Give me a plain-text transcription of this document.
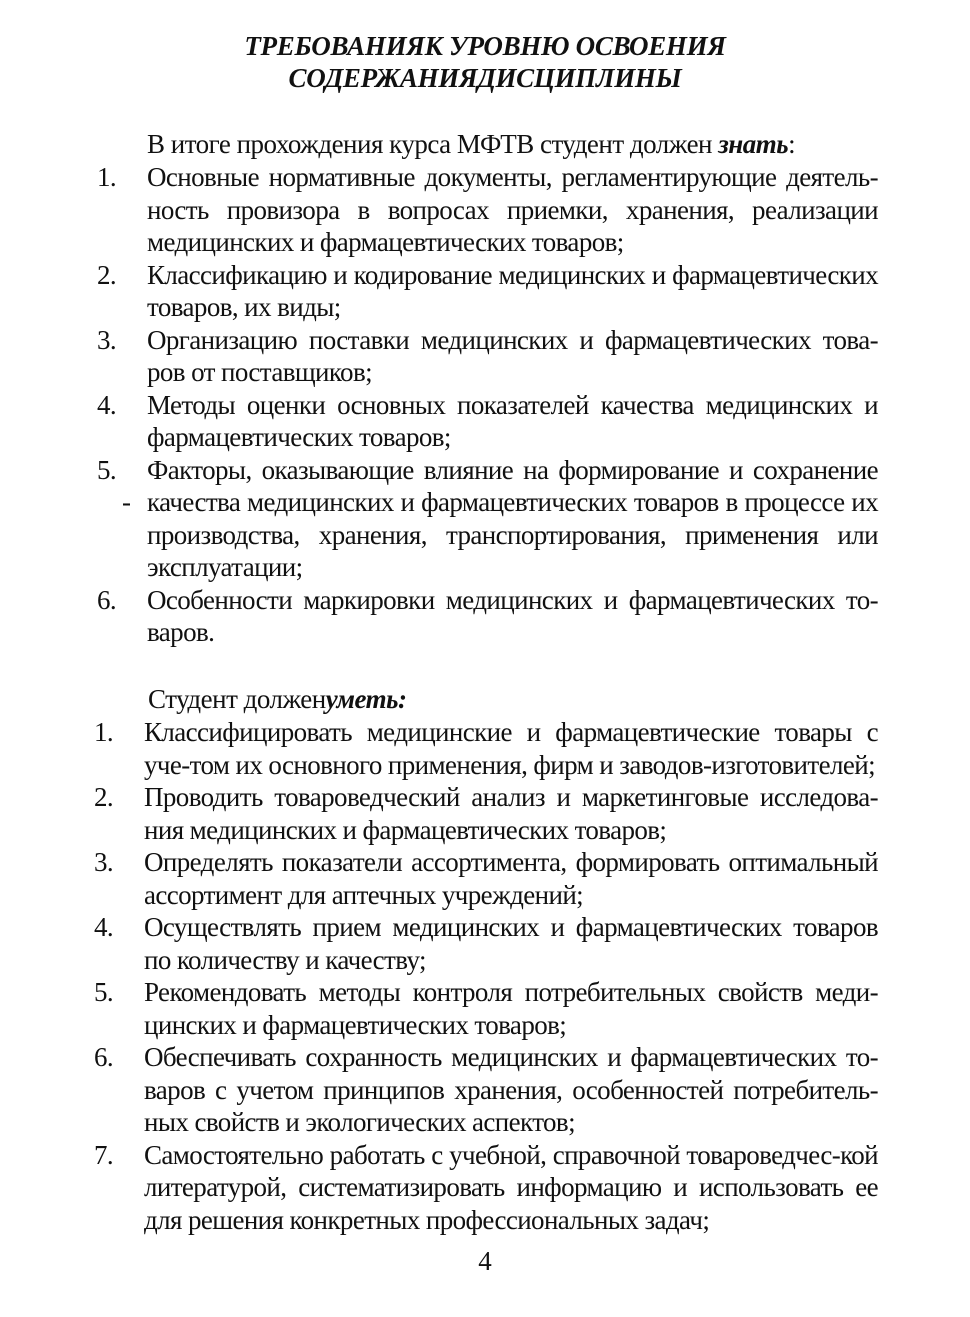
ТРЕБОВАНИЯК УРОВНЮ ОСВОЕНИЯ
СОДЕРЖАНИЯДИСЦИПЛИНЫ
В итоге прохождения курса МФТВ студент должен знать:
1.	Основные нормативные документы, регламентирующие деятель-ность провизора в вопросах приемки, хранения, реализации медицинских и фармацевтических товаров;
2.	Классификацию и кодирование медицинских и фармацевтических товаров, их виды;
3.	Организацию поставки медицинских и фармацевтических това-ров от поставщиков;
4.	Методы оценки основных показателей качества медицинских и фармацевтических товаров;
5.
-
Факторы, оказывающие влияние на формирование и сохранение качества медицинских и фармацевтических товаров в процессе их производства, хранения, транспортирования, применения или эксплуатации;
6.	Особенности маркировки медицинских и фармацевтических то-варов.
Студент долженуметь:
1.	Классифицировать медицинские и фармацевтические товары с уче-том их основного применения, фирм и заводов-изготовителей;
2.	Проводить товароведческий анализ и маркетинговые исследова-ния медицинских и фармацевтических товаров;
3.	Определять показатели ассортимента, формировать оптимальный ассортимент для аптечных учреждений;
4.	Осуществлять прием медицинских и фармацевтических товаров по количеству и качеству;
5.	Рекомендовать методы контроля потребительных свойств меди-цинских и фармацевтических товаров;
6.	Обеспечивать сохранность медицинских и фармацевтических то-варов с учетом принципов хранения, особенностей потребитель-ных свойств и экологических аспектов;
7.	Самостоятельно работать с учебной, справочной товароведчес-кой литературой, систематизировать информацию и использовать ее для решения конкретных профессиональных задач;
4
